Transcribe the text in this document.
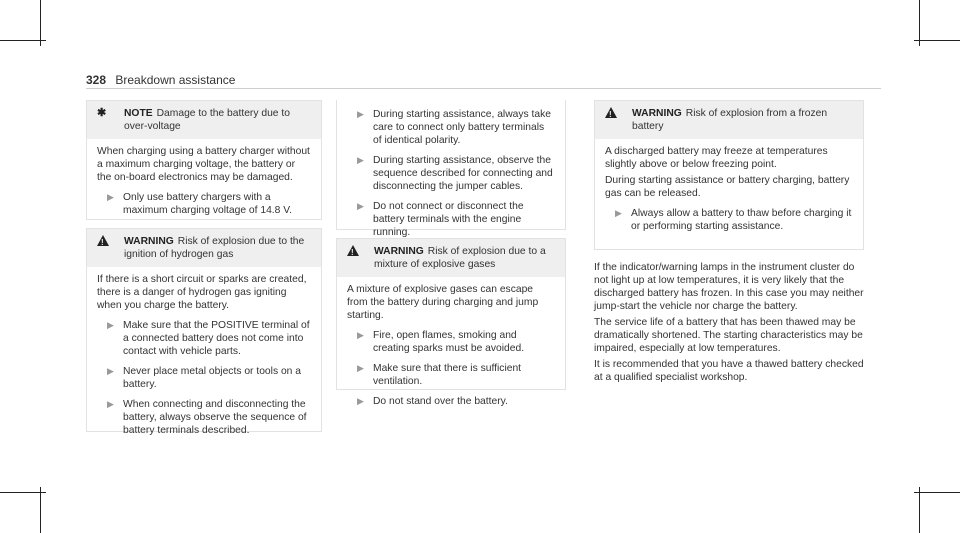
328 Breakdown assistance
✱	NOTE Damage to the battery due to over-voltage

When charging using a battery charger without a maximum charging voltage, the battery or the on-board electronics may be damaged.

▶ Only use battery chargers with a maximum charging voltage of 14.8 V.
!
WARNING Risk of explosion due to the ignition of hydrogen gas

If there is a short circuit or sparks are created, there is a danger of hydrogen gas igniting when you charge the battery.

▶ Make sure that the POSITIVE terminal of a connected battery does not come into contact with vehicle parts.
▶ Never place metal objects or tools on a battery.
▶ When connecting and disconnecting the battery, always observe the sequence of battery terminals described.
▶ During starting assistance, always take care to connect only battery terminals of identical polarity.
▶ During starting assistance, observe the sequence described for connecting and disconnecting the jumper cables.
▶ Do not connect or disconnect the battery terminals with the engine running.
!
WARNING Risk of explosion due to a mixture of explosive gases

A mixture of explosive gases can escape from the battery during charging and jump starting.

▶ Fire, open flames, smoking and creating sparks must be avoided.
▶ Make sure that there is sufficient ventilation.
▶ Do not stand over the battery.
!
WARNING Risk of explosion from a frozen battery

A discharged battery may freeze at temperatures slightly above or below freezing point.

During starting assistance or battery charging, battery gas can be released.

▶ Always allow a battery to thaw before charging it or performing starting assistance.

If the indicator/warning lamps in the instrument cluster do not light up at low temperatures, it is very likely that the discharged battery has frozen. In this case you may neither jump-start the vehicle nor charge the battery.

The service life of a battery that has been thawed may be dramatically shortened. The starting characteristics may be impaired, especially at low temperatures.

It is recommended that you have a thawed battery checked at a qualified specialist workshop.
